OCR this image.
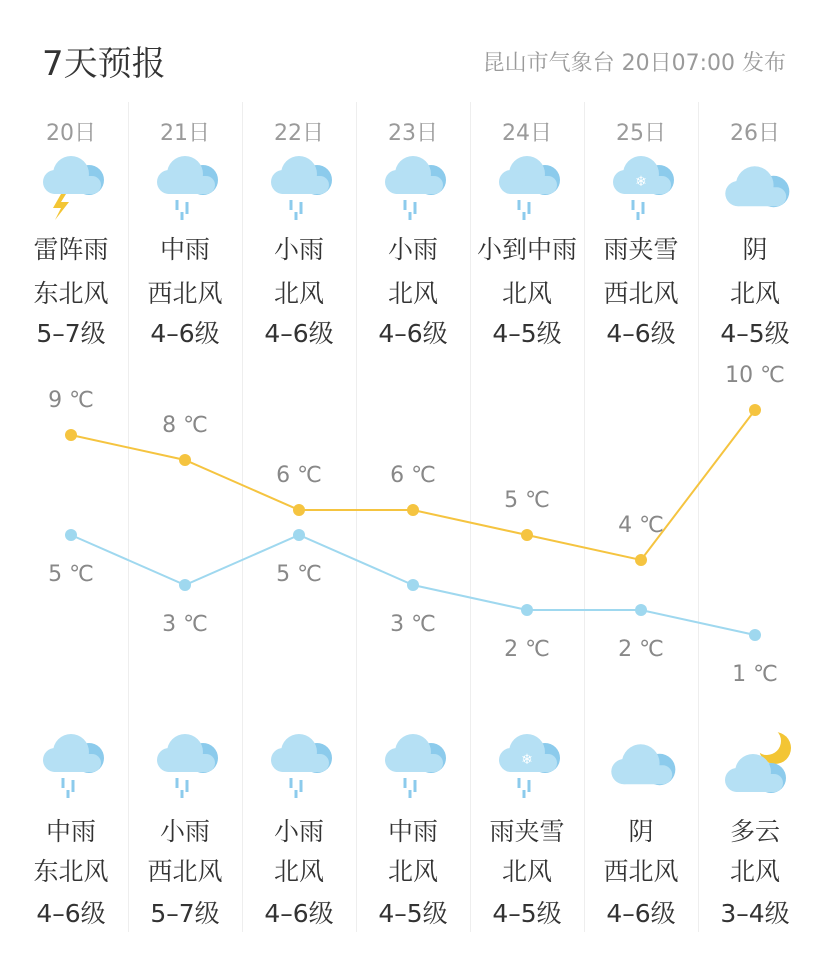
7天预报	昆山市气象台 20日07:00 发布
20日
雷阵雨
东北风
5–7级
中雨
东北风
4–6级
21日
中雨
西北风
4–6级
小雨
西北风
5–7级
22日
小雨
北风
4–6级
小雨
北风
4–6级
23日
小雨
北风
4–6级
中雨
北风
4–5级
24日
小到中雨
北风
4–5级
❄
雨夹雪
北风
4–5级
25日
❄
雨夹雪
西北风
4–6级
阴
西北风
4–6级
26日
阴
北风
4–5级
多云
北风
3–4级
9 ℃
8 ℃
6 ℃	6 ℃
5 ℃
4 ℃
10 ℃
5 ℃
3 ℃
5 ℃
3 ℃
2 ℃	2 ℃
1 ℃
